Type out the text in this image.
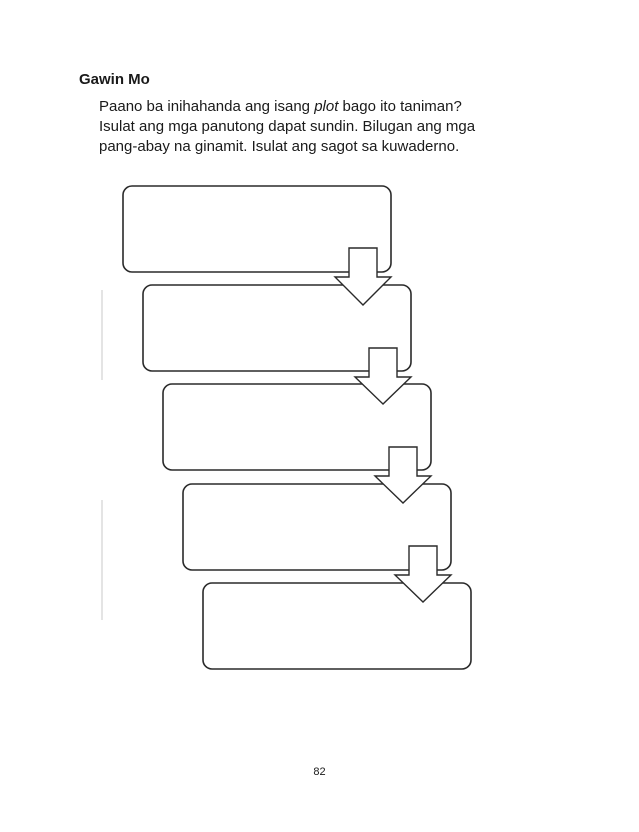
Gawin Mo

Paano ba inihahanda ang isang plot bago ito taniman?

Isulat ang mga panutong dapat sundin. Bilugan ang mga

pang-abay na ginamit. Isulat ang sagot sa kuwaderno.

82
